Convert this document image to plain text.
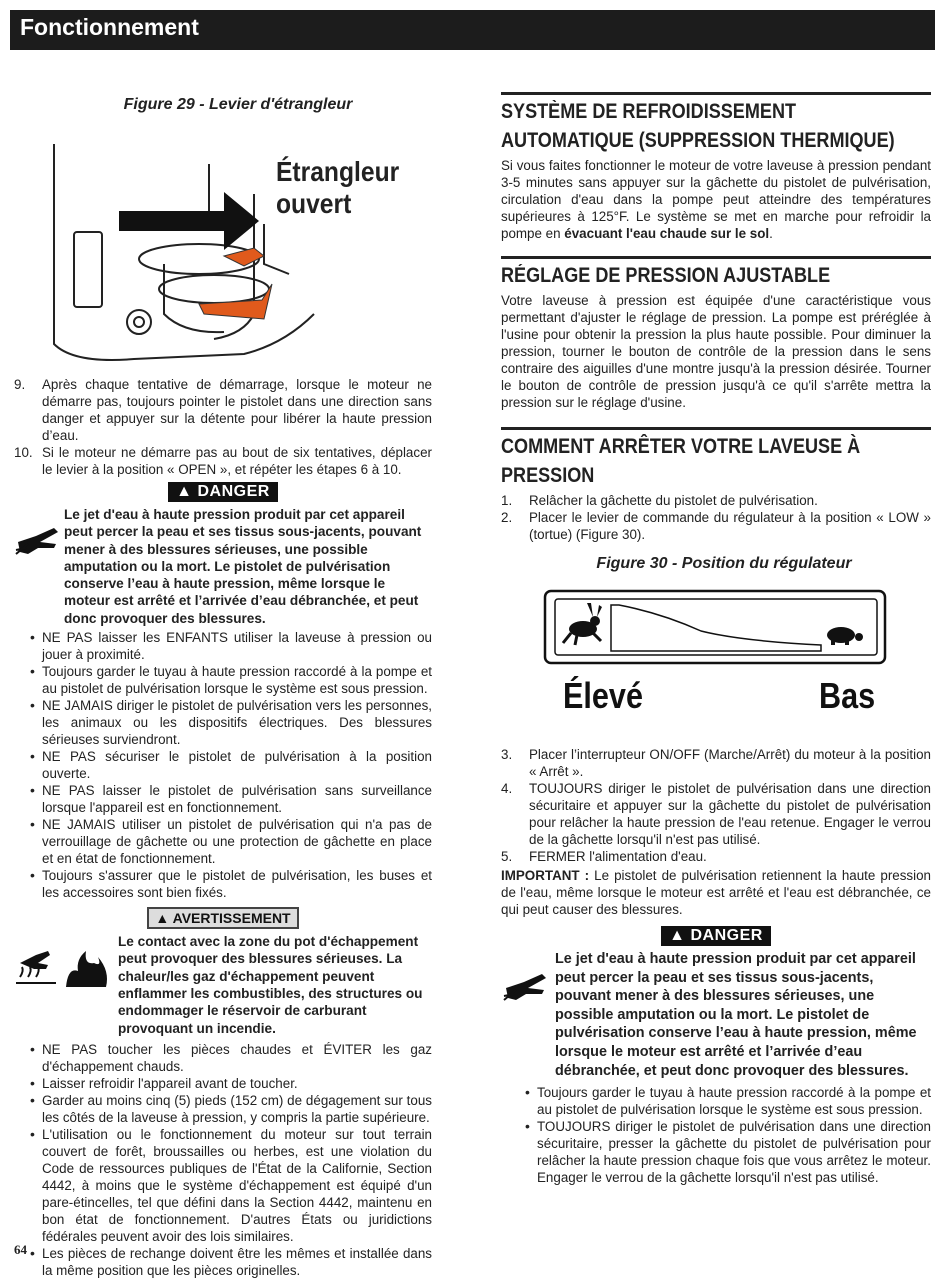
Fonctionnement
Figure 29 - Levier d'étrangleur
Étrangleur
ouvert
9. Après chaque tentative de démarrage, lorsque le moteur ne démarre pas, toujours pointer le pistolet dans une direction sans danger et appuyer sur la détente pour libérer la haute pression d’eau.
10. Si le moteur ne démarre pas au bout de six tentatives, déplacer le levier à la position « OPEN », et répéter les étapes 6 à 10.
▲ DANGER
Le jet d'eau à haute pression produit par cet appareil peut percer la peau et ses tissus sous-jacents, pouvant mener à des blessures sérieuses, une possible amputation ou la mort. Le pistolet de pulvérisation conserve l’eau à haute pression, même lorsque le moteur est arrêté et l’arrivée d’eau débranchée, et peut donc provoquer des blessures.
• NE PAS laisser les ENFANTS utiliser la laveuse à pression ou jouer à proximité.
• Toujours garder le tuyau à haute pression raccordé à la pompe et au pistolet de pulvérisation lorsque le système est sous pression.
• NE JAMAIS diriger le pistolet de pulvérisation vers les personnes, les animaux ou les dispositifs électriques. Des blessures sérieuses surviendront.
• NE PAS sécuriser le pistolet de pulvérisation à la position ouverte.
• NE PAS laisser le pistolet de pulvérisation sans surveillance lorsque l'appareil est en fonctionnement.
• NE JAMAIS utiliser un pistolet de pulvérisation qui n'a pas de verrouillage de gâchette ou une protection de gâchette en place et en état de fonctionnement.
• Toujours s'assurer que le pistolet de pulvérisation, les buses et les accessoires sont bien fixés.
▲ AVERTISSEMENT
Le contact avec la zone du pot d'échappement peut provoquer des blessures sérieuses. La chaleur/les gaz d'échappement peuvent enflammer les combustibles, des structures ou endommager le réservoir de carburant provoquant un incendie.
• NE PAS toucher les pièces chaudes et ÉVITER les gaz d'échappement chauds.
• Laisser refroidir l'appareil avant de toucher.
• Garder au moins cinq (5) pieds (152 cm) de dégagement sur tous les côtés de la laveuse à pression, y compris la partie supérieure.
• L'utilisation ou le fonctionnement du moteur sur tout terrain couvert de forêt, broussailles ou herbes, est une violation du Code de ressources publiques de l'État de la Californie, Section 4442, à moins que le système d'échappement est équipé d'un pare-étincelles, tel que défini dans la Section 4442, maintenu en bon état de fonctionnement. D'autres États ou juridictions fédérales peuvent avoir des lois similaires.
• Les pièces de rechange doivent être les mêmes et installée dans la même position que les pièces originelles.
SYSTÈME DE REFROIDISSEMENT AUTOMATIQUE (SUPPRESSION THERMIQUE)
Si vous faites fonctionner le moteur de votre laveuse à pression pendant 3-5 minutes sans appuyer sur la gâchette du pistolet de pulvérisation, circulation d'eau dans la pompe peut atteindre des températures supérieures à 125°F. Le système se met en marche pour refroidir la pompe en évacuant l'eau chaude sur le sol.
RÉGLAGE DE PRESSION AJUSTABLE
Votre laveuse à pression est équipée d'une caractéristique vous permettant d'ajuster le réglage de pression. La pompe est préréglée à l'usine pour obtenir la pression la plus haute possible. Pour diminuer la pression, tourner le bouton de contrôle de la pression dans le sens contraire des aiguilles d'une montre jusqu'à la pression désirée. Tourner le bouton de contrôle de pression jusqu'à ce qu'il s'arrête mettra la pression sur le réglage d'usine.
COMMENT ARRÊTER VOTRE LAVEUSE À PRESSION
1. Relâcher la gâchette du pistolet de pulvérisation.
2. Placer le levier de commande du régulateur à la position « LOW » (tortue) (Figure 30).
Figure 30 - Position du régulateur
Élevé	Bas
3. Placer l’interrupteur ON/OFF (Marche/Arrêt) du moteur à la position « Arrêt ».
4. TOUJOURS diriger le pistolet de pulvérisation dans une direction sécuritaire et appuyer sur la gâchette du pistolet de pulvérisation pour relâcher la haute pression de l'eau retenue. Engager le verrou de la gâchette lorsqu'il n'est pas utilisé.
5. FERMER l'alimentation d'eau.
IMPORTANT : Le pistolet de pulvérisation retiennent la haute pression de l'eau, même lorsque le moteur est arrêté et l'eau est débranchée, ce qui peut causer des blessures.
▲ DANGER
Le jet d'eau à haute pression produit par cet appareil peut percer la peau et ses tissus sous-jacents, pouvant mener à des blessures sérieuses, une possible amputation ou la mort. Le pistolet de pulvérisation conserve l’eau à haute pression, même lorsque le moteur est arrêté et l’arrivée d’eau débranchée, et peut donc provoquer des blessures.
• Toujours garder le tuyau à haute pression raccordé à la pompe et au pistolet de pulvérisation lorsque le système est sous pression.
• TOUJOURS diriger le pistolet de pulvérisation dans une direction sécuritaire, presser la gâchette du pistolet de pulvérisation pour relâcher la haute pression chaque fois que vous arrêtez le moteur. Engager le verrou de la gâchette lorsqu'il n'est pas utilisé.
64
